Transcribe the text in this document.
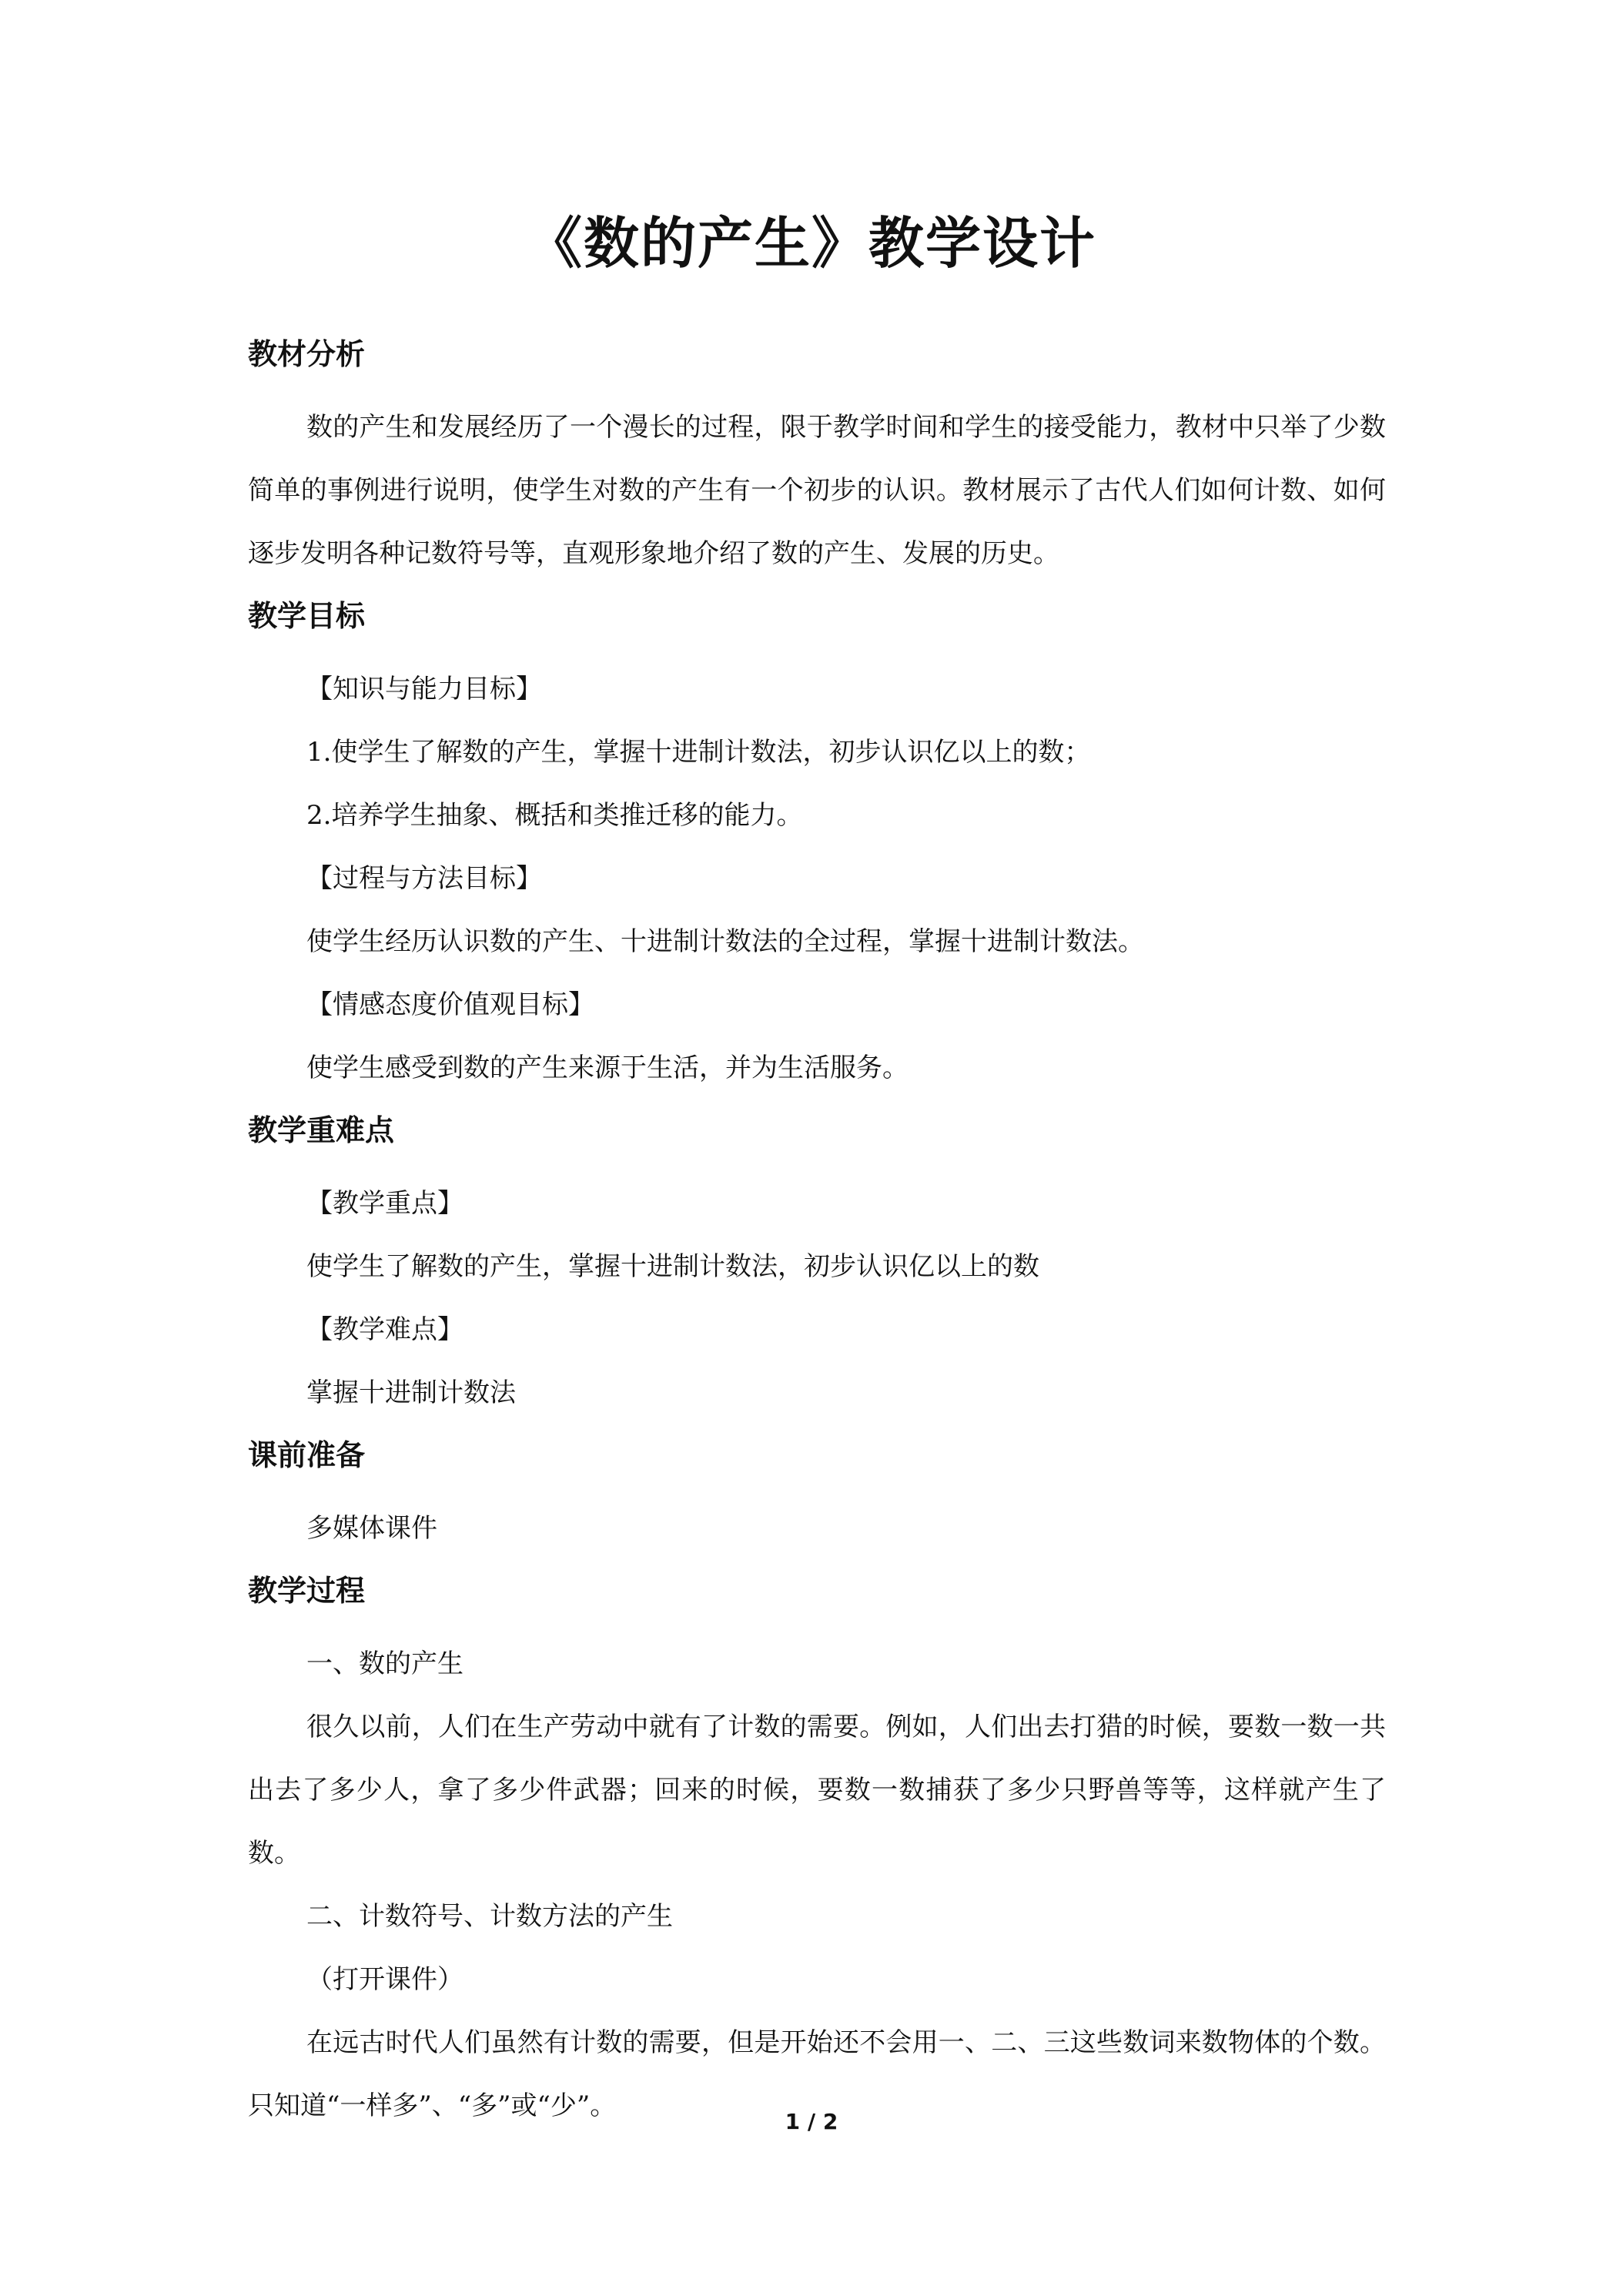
《数的产生》教学设计
教材分析

数的产生和发展经历了一个漫长的过程，限于教学时间和学生的接受能力，教材中只举了少数简单的事例进行说明，使学生对数的产生有一个初步的认识。教材展示了古代人们如何计数、如何逐步发明各种记数符号等，直观形象地介绍了数的产生、发展的历史。

教学目标

【知识与能力目标】

1.使学生了解数的产生，掌握十进制计数法，初步认识亿以上的数；

2.培养学生抽象、概括和类推迁移的能力。

【过程与方法目标】

使学生经历认识数的产生、十进制计数法的全过程，掌握十进制计数法。

【情感态度价值观目标】

使学生感受到数的产生来源于生活，并为生活服务。

教学重难点

【教学重点】

使学生了解数的产生，掌握十进制计数法，初步认识亿以上的数

【教学难点】

掌握十进制计数法

课前准备

多媒体课件

教学过程

一、数的产生

很久以前，人们在生产劳动中就有了计数的需要。例如，人们出去打猎的时候，要数一数一共出去了多少人，拿了多少件武器；回来的时候，要数一数捕获了多少只野兽等等，这样就产生了数。

二、计数符号、计数方法的产生

（打开课件）

在远古时代人们虽然有计数的需要，但是开始还不会用一、二、三这些数词来数物体的个数。只知道“一样多”、“多”或“少”。

1 / 2
